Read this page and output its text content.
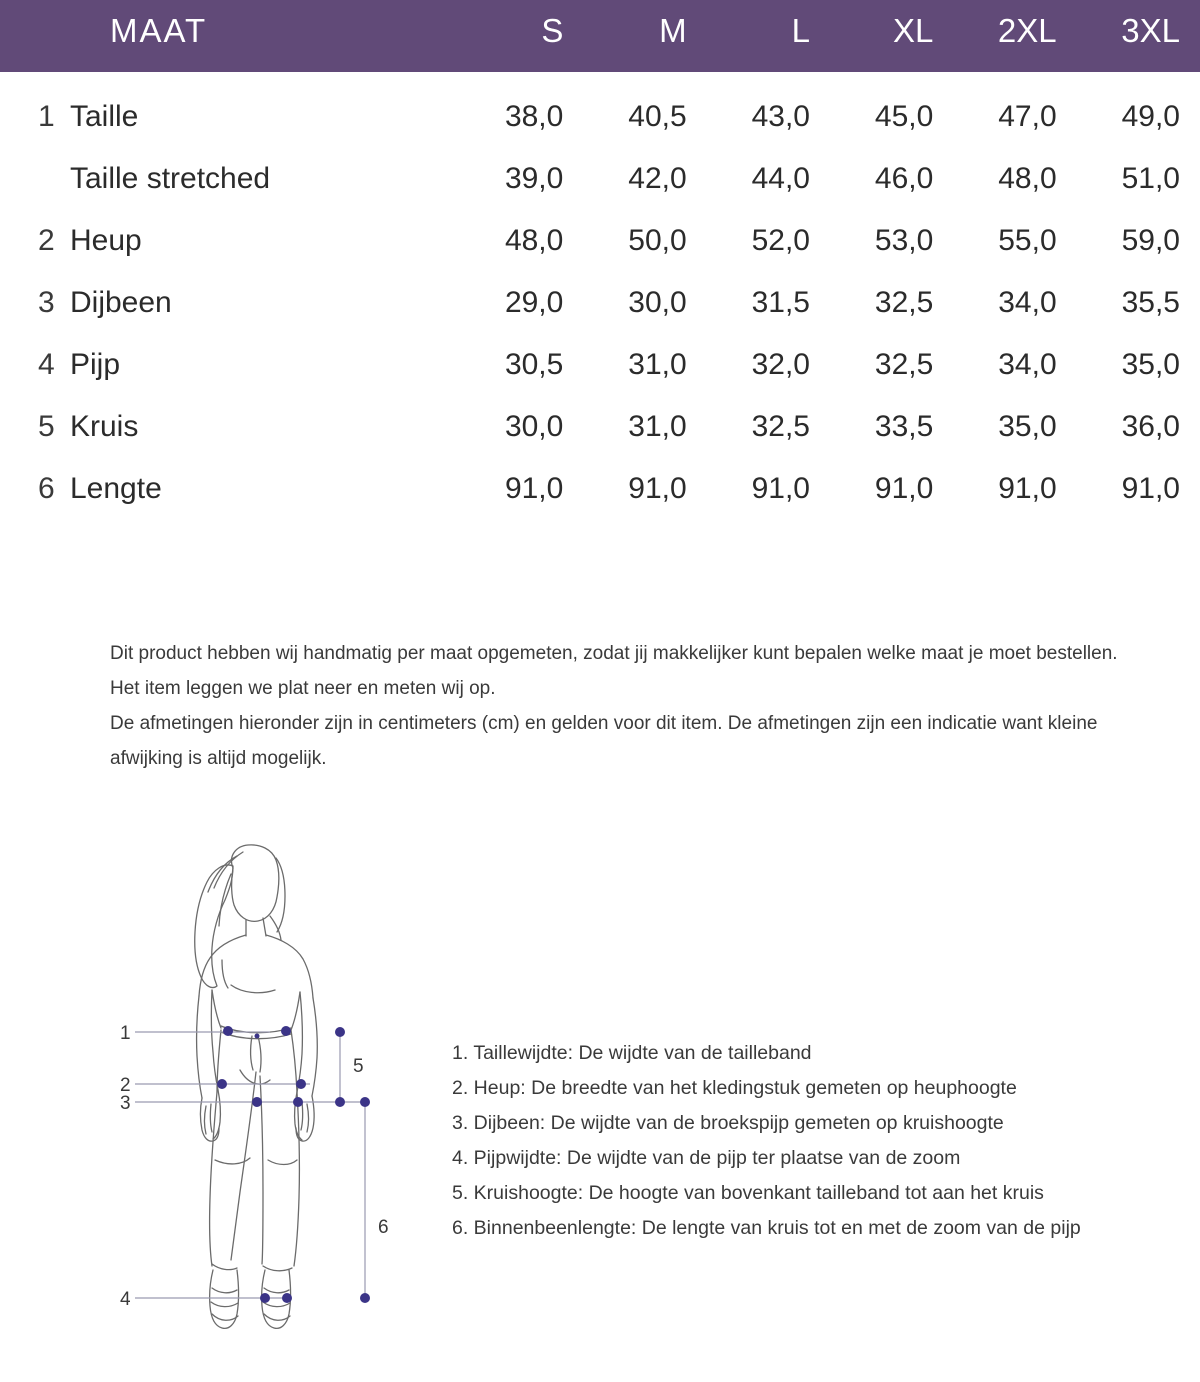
MAAT	S	M	L	XL	2XL	3XL
1 Taille	38,0	40,5	43,0	45,0	47,0	49,0
Taille stretched	39,0	42,0	44,0	46,0	48,0	51,0
2 Heup	48,0	50,0	52,0	53,0	55,0	59,0
3 Dijbeen	29,0	30,0	31,5	32,5	34,0	35,5
4 Pijp	30,5	31,0	32,0	32,5	34,0	35,0
5 Kruis	30,0	31,0	32,5	33,5	35,0	36,0
6 Lengte	91,0	91,0	91,0	91,0	91,0	91,0

Dit product hebben wij handmatig per maat opgemeten, zodat jij makkelijker kunt bepalen welke maat je moet bestellen.

Het item leggen we plat neer en meten wij op.

De afmetingen hieronder zijn in centimeters (cm) en gelden voor dit item. De afmetingen zijn een indicatie want kleine afwijking is altijd mogelijk.

1
2
3
4
5
6
1. Taillewijdte: De wijdte van de tailleband
2. Heup: De breedte van het kledingstuk gemeten op heuphoogte
3. Dijbeen: De wijdte van de broekspijp gemeten op kruishoogte
4. Pijpwijdte: De wijdte van de pijp ter plaatse van de zoom
5. Kruishoogte: De hoogte van bovenkant tailleband tot aan het kruis
6. Binnenbeenlengte: De lengte van kruis tot en met de zoom van de pijp
